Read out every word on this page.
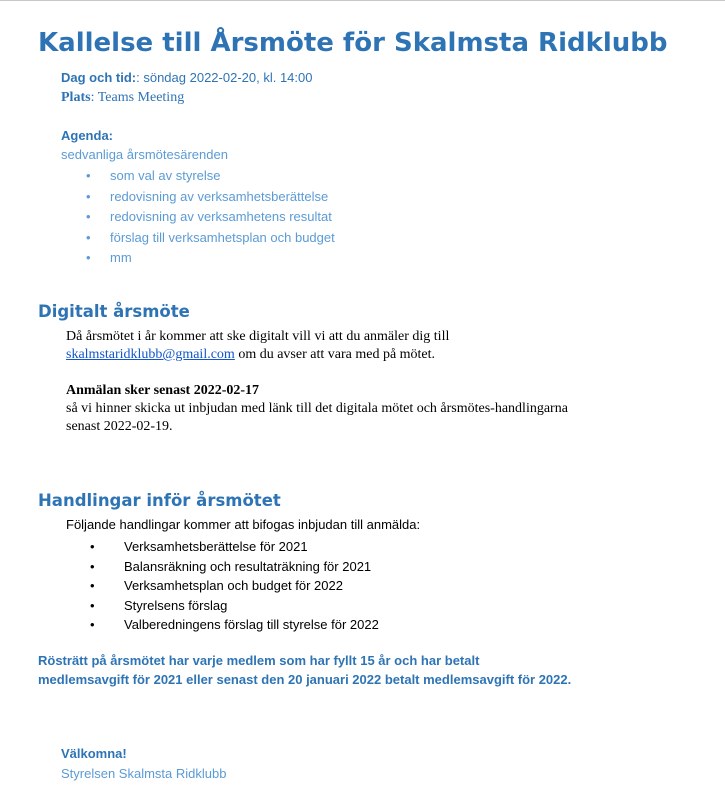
Kallelse till Årsmöte för Skalmsta Ridklubb
Dag och tid:: söndag 2022-02-20, kl. 14:00
Plats: Teams Meeting
Agenda:
sedvanliga årsmötesärenden
• som val av styrelse
• redovisning av verksamhetsberättelse
• redovisning av verksamhetens resultat
• förslag till verksamhetsplan och budget
• mm
Digitalt årsmöte
Då årsmötet i år kommer att ske digitalt vill vi att du anmäler dig till
skalmstaridklubb@gmail.com om du avser att vara med på mötet.
Anmälan sker senast 2022-02-17
så vi hinner skicka ut inbjudan med länk till det digitala mötet och årsmötes-handlingarna
senast 2022-02-19.
Handlingar inför årsmötet
Följande handlingar kommer att bifogas inbjudan till anmälda:
• Verksamhetsberättelse för 2021
• Balansräkning och resultaträkning för 2021
• Verksamhetsplan och budget för 2022
• Styrelsens förslag
• Valberedningens förslag till styrelse för 2022
Rösträtt på årsmötet har varje medlem som har fyllt 15 år och har betalt
medlemsavgift för 2021 eller senast den 20 januari 2022 betalt medlemsavgift för 2022.
Välkomna!
Styrelsen Skalmsta Ridklubb
